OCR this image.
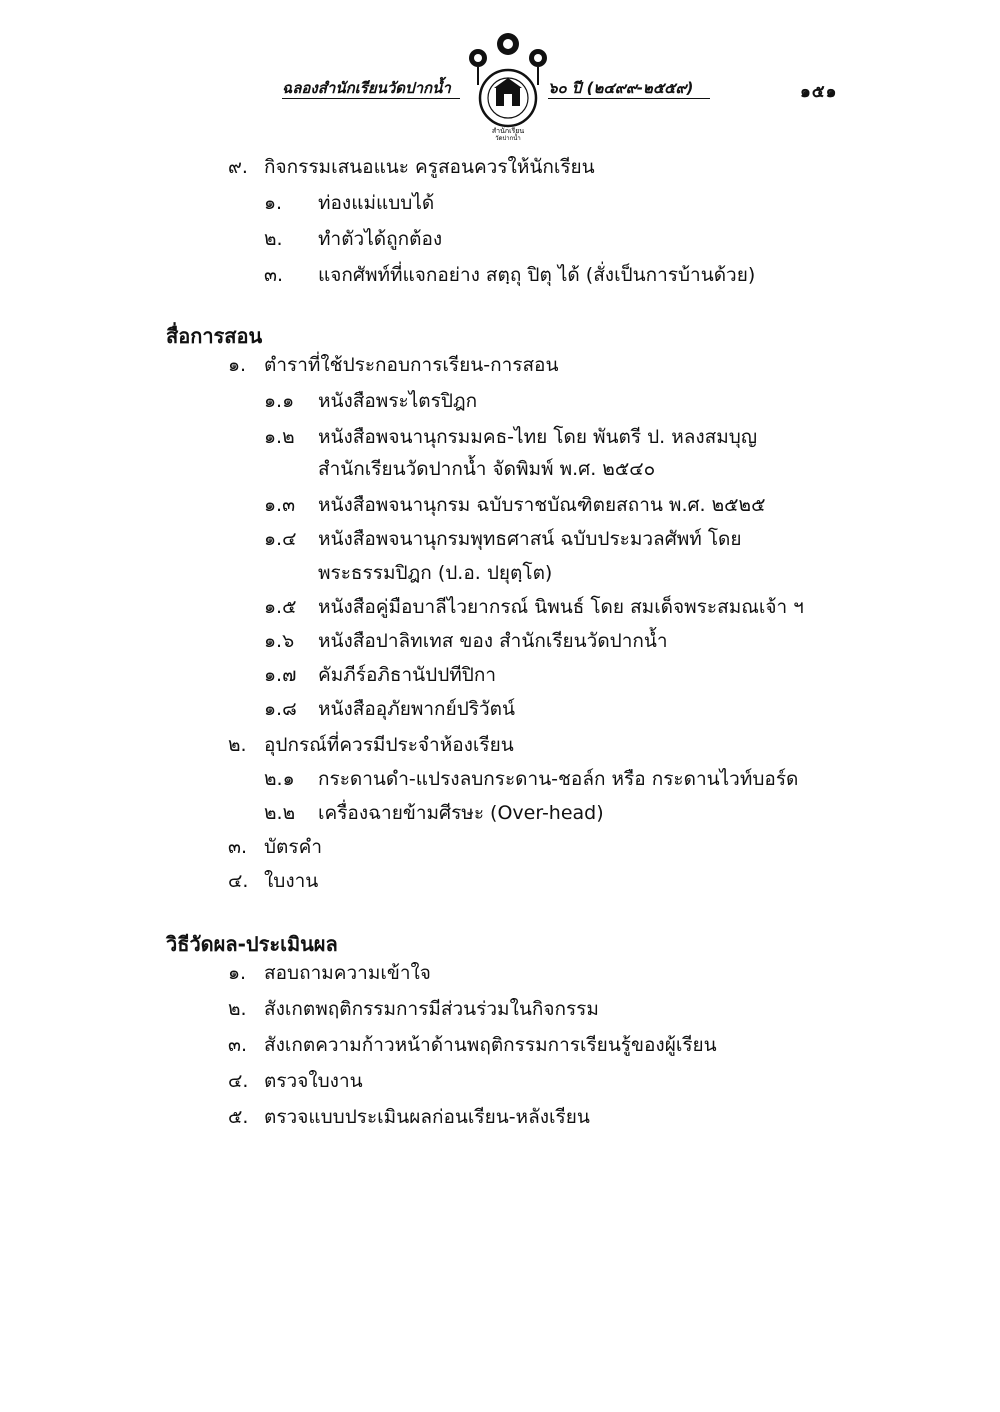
ฉลองสำนักเรียนวัดปากน้ำ
สำนักเรียน
วัดปากน้ำ
๖๐ ปี (๒๔๙๙-๒๕๕๙)	๑๕๑
๙. กิจกรรมเสนอแนะ ครูสอนควรให้นักเรียน
๑. ท่องแม่แบบได้
๒. ทำตัวได้ถูกต้อง
๓. แจกศัพท์ที่แจกอย่าง สตฺถุ ปิตุ ได้ (สั่งเป็นการบ้านด้วย)
สื่อการสอน
๑. ตำราที่ใช้ประกอบการเรียน-การสอน
๑.๑ หนังสือพระไตรปิฎก
๑.๒ หนังสือพจนานุกรมมคธ-ไทย โดย พันตรี ป. หลงสมบุญ
สำนักเรียนวัดปากน้ำ จัดพิมพ์ พ.ศ. ๒๕๔๐
๑.๓ หนังสือพจนานุกรม ฉบับราชบัณฑิตยสถาน พ.ศ. ๒๕๒๕
๑.๔ หนังสือพจนานุกรมพุทธศาสน์ ฉบับประมวลศัพท์ โดย
พระธรรมปิฎก (ป.อ. ปยุตฺโต)
๑.๕ หนังสือคู่มือบาลีไวยากรณ์ นิพนธ์ โดย สมเด็จพระสมณเจ้า ฯ
๑.๖ หนังสือปาลิทเทส ของ สำนักเรียนวัดปากน้ำ
๑.๗ คัมภีร์อภิธานัปปทีปิกา
๑.๘ หนังสืออุภัยพากย์ปริวัตน์
๒. อุปกรณ์ที่ควรมีประจำห้องเรียน
๒.๑ กระดานดำ-แปรงลบกระดาน-ชอล์ก หรือ กระดานไวท์บอร์ด
๒.๒ เครื่องฉายข้ามศีรษะ (Over-head)
๓. บัตรคำ
๔. ใบงาน
วิธีวัดผล-ประเมินผล
๑. สอบถามความเข้าใจ
๒. สังเกตพฤติกรรมการมีส่วนร่วมในกิจกรรม
๓. สังเกตความก้าวหน้าด้านพฤติกรรมการเรียนรู้ของผู้เรียน
๔. ตรวจใบงาน
๕. ตรวจแบบประเมินผลก่อนเรียน-หลังเรียน
